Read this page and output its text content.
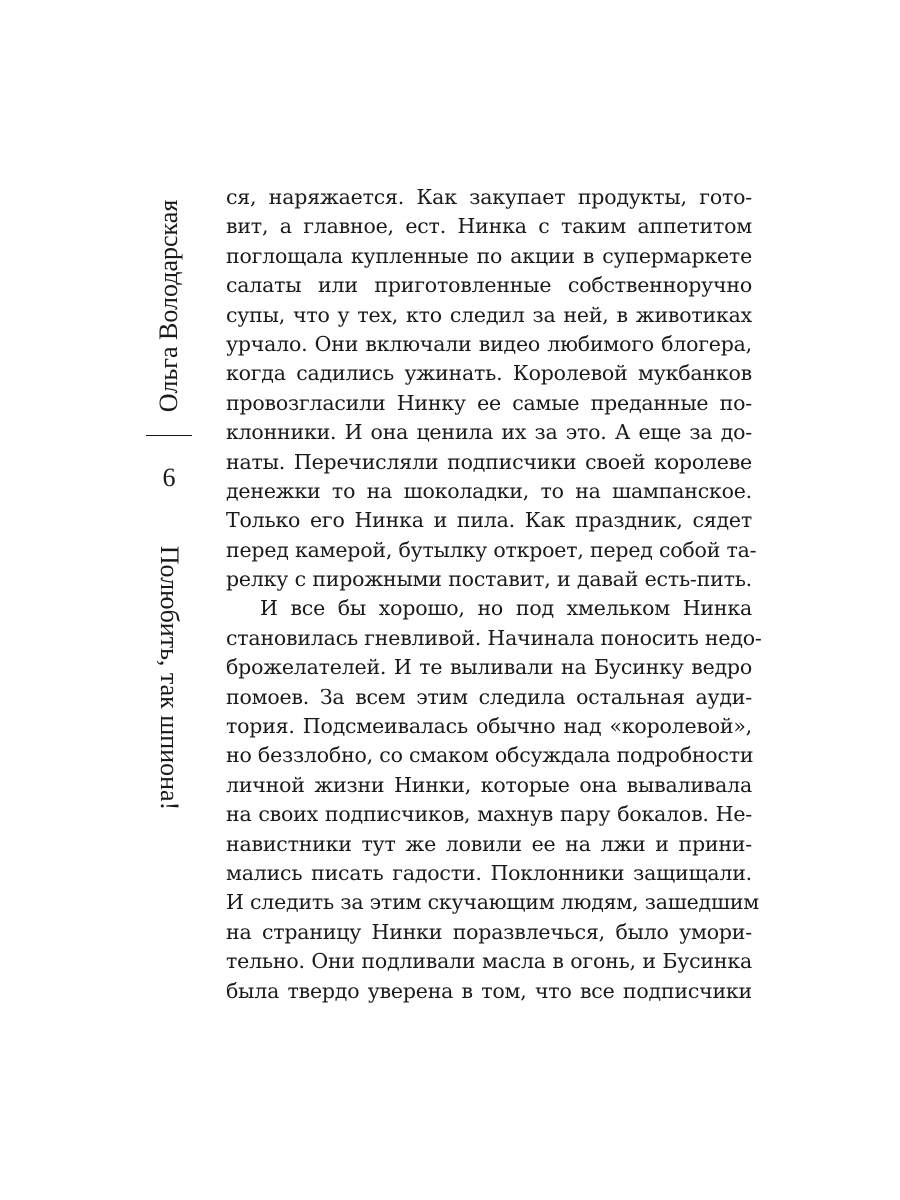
Ольга Володарская
6
Полюбить, так шпиона!
ся, наряжается. Как закупает продукты, гото-
вит, а главное, ест. Нинка с таким аппетитом
поглощала купленные по акции в супермаркете
салаты или приготовленные собственноручно
супы, что у тех, кто следил за ней, в животиках
урчало. Они включали видео любимого блогера,
когда садились ужинать. Королевой мукбанков
провозгласили Нинку ее самые преданные по-
клонники. И она ценила их за это. А еще за до-
наты. Перечисляли подписчики своей королеве
денежки то на шоколадки, то на шампанское.
Только его Нинка и пила. Как праздник, сядет
перед камерой, бутылку откроет, перед собой та-
релку с пирожными поставит, и давай есть-пить.
И все бы хорошо, но под хмельком Нинка
становилась гневливой. Начинала поносить недо-
брожелателей. И те выливали на Бусинку ведро
помоев. За всем этим следила остальная ауди-
тория. Подсмеивалась обычно над «королевой»,
но беззлобно, со смаком обсуждала подробности
личной жизни Нинки, которые она вываливала
на своих подписчиков, махнув пару бокалов. Не-
навистники тут же ловили ее на лжи и прини-
мались писать гадости. Поклонники защищали.
И следить за этим скучающим людям, зашедшим
на страницу Нинки поразвлечься, было умори-
тельно. Они подливали масла в огонь, и Бусинка
была твердо уверена в том, что все подписчики
